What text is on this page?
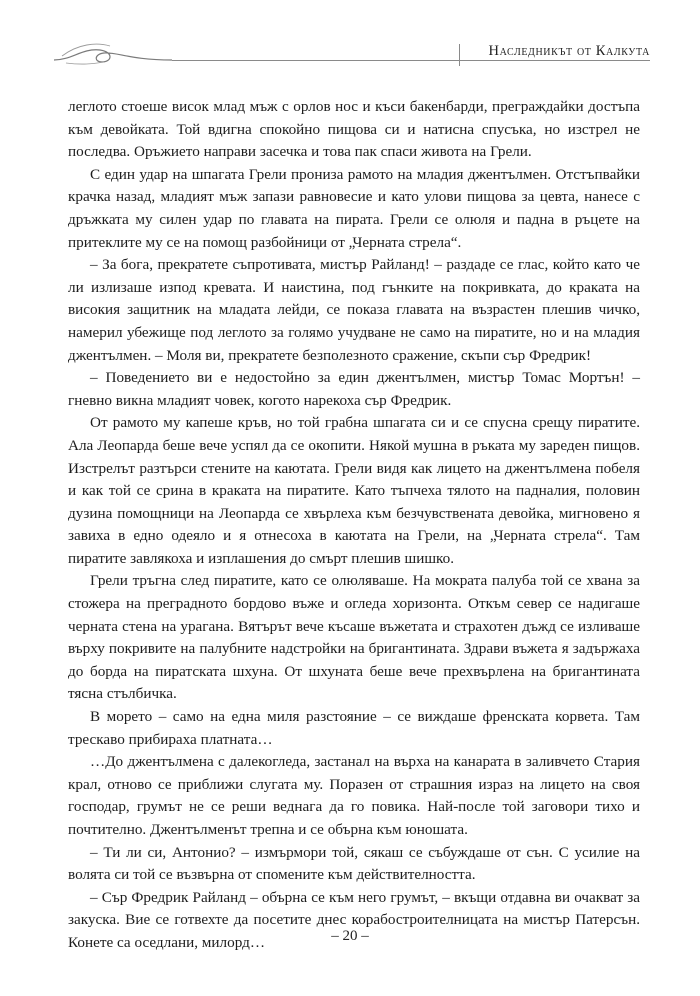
Наследникът от Калкута

леглото стоеше висок млад мъж с орлов нос и къси бакенбарди, преграждайки достъпа към девойката. Той вдигна спокойно пищова си и натисна спусъка, но изстрел не последва. Оръжието направи засечка и това пак спаси живота на Грели.

С един удар на шпагата Грели прониза рамото на младия джентълмен. Отстъпвайки крачка назад, младият мъж запази равновесие и като улови пищова за цевта, нанесе с дръжката му силен удар по главата на пирата. Грели се олюля и падна в ръцете на притеклите му се на помощ разбойници от „Черната стрела“.

– За бога, прекратете съпротивата, мистър Райланд! – раздаде се глас, който като че ли излизаше изпод кревата. И наистина, под гънките на покривката, до краката на високия защитник на младата лейди, се показа главата на възрастен плешив чичко, намерил убежище под леглото за голямо учудване не само на пиратите, но и на младия джентълмен. – Моля ви, прекратете безполезното сражение, скъпи сър Фредрик!

– Поведението ви е недостойно за един джентълмен, мистър Томас Мортън! – гневно викна младият човек, когото нарекоха сър Фредрик.

От рамото му капеше кръв, но той грабна шпагата си и се спусна срещу пиратите. Ала Леопарда беше вече успял да се окопити. Някой мушна в ръката му зареден пищов. Изстрелът разтърси стените на каютата. Грели видя как лицето на джентълмена побеля и как той се срина в краката на пиратите. Като тъпчеха тялото на падналия, половин дузина помощници на Леопарда се хвърлеха към безчувствената девойка, мигновено я завиха в едно одеяло и я отнесоха в каютата на Грели, на „Черната стрела“. Там пиратите завлякоха и изплашения до смърт плешив шишко.

Грели тръгна след пиратите, като се олюляваше. На мократа палуба той се хвана за стожера на преградното бордово въже и огледа хоризонта. Откъм север се надигаше черната стена на урагана. Вятърът вече късаше въжетата и страхотен дъжд се изливаше върху покривите на палубните надстройки на бригантината. Здрави въжета я задържаха до борда на пиратската шхуна. От шхуната беше вече прехвърлена на бригантината тясна стълбичка.

В морето – само на една миля разстояние – се виждаше френската корвета. Там трескаво прибираха платната…

…До джентълмена с далекогледа, застанал на върха на канарата в заливчето Стария крал, отново се приближи слугата му. Поразен от страшния израз на лицето на своя господар, грумът не се реши веднага да го повика. Най-после той заговори тихо и почтително. Джентълменът трепна и се обърна към юношата.

– Ти ли си, Антонио? – измърмори той, сякаш се събуждаше от сън. С усилие на волята си той се възвърна от спомените към действителността.

– Сър Фредрик Райланд – обърна се към него грумът, – вкъщи отдавна ви очакват за закуска. Вие се готвехте да посетите днес корабостроителницата на мистър Патерсън. Конете са оседлани, милорд…	– 20 –
